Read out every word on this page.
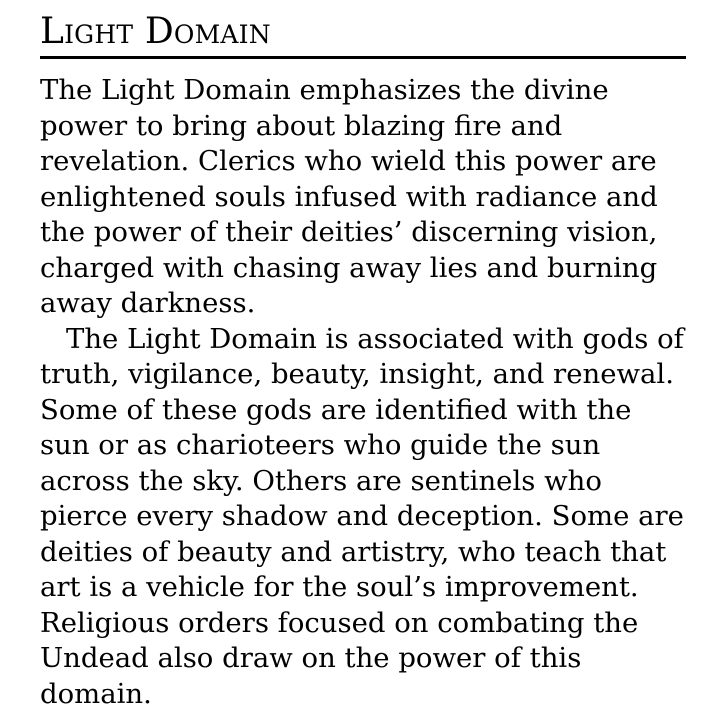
Light Domain

The Light Domain emphasizes the divine power to bring about blazing fire and revelation. Clerics who wield this power are enlightened souls infused with radiance and the power of their deities’ discerning vision, charged with chasing away lies and burning away darkness.

The Light Domain is associated with gods of truth, vigilance, beauty, insight, and renewal. Some of these gods are identified with the sun or as charioteers who guide the sun across the sky. Others are sentinels who pierce every shadow and deception. Some are deities of beauty and artistry, who teach that art is a vehicle for the soul’s improvement. Religious orders focused on combating the Undead also draw on the power of this domain.
